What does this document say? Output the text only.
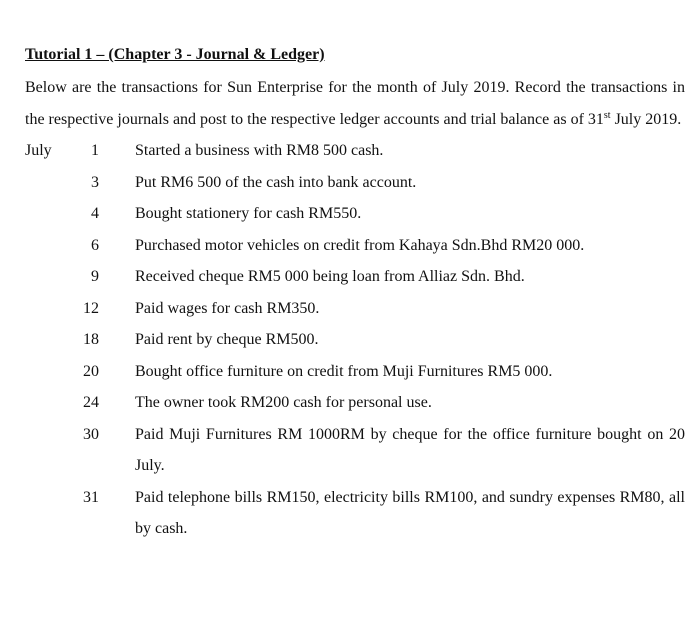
Tutorial 1 – (Chapter 3 - Journal & Ledger)

Below are the transactions for Sun Enterprise for the month of July 2019. Record the transactions in the respective journals and post to the respective ledger accounts and trial balance as of 31st July 2019.

July	1 Started a business with RM8 500 cash.
3 Put RM6 500 of the cash into bank account.
4 Bought stationery for cash RM550.
6 Purchased motor vehicles on credit from Kahaya Sdn.Bhd RM20 000.
9 Received cheque RM5 000 being loan from Alliaz Sdn. Bhd.
12 Paid wages for cash RM350.
18 Paid rent by cheque RM500.
20 Bought office furniture on credit from Muji Furnitures RM5 000.
24 The owner took RM200 cash for personal use.
30 Paid Muji Furnitures RM 1000RM by cheque for the office furniture bought on 20 July.
31 Paid telephone bills RM150, electricity bills RM100, and sundry expenses RM80, all by cash.
